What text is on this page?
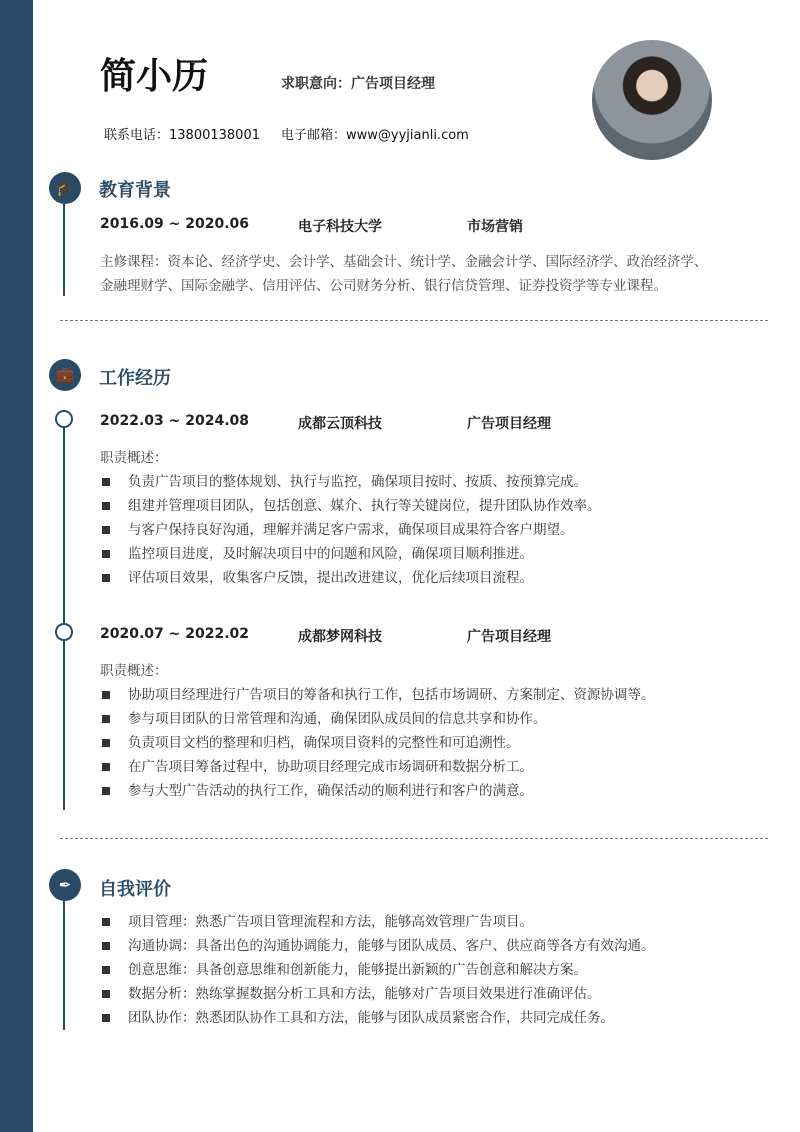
简小历	求职意向：广告项目经理
联系电话：13800138001 电子邮箱：www@yyjianli.com
🎓	教育背景
2016.09 ~ 2020.06	电子科技大学	市场营销
主修课程：资本论、经济学史、会计学、基础会计、统计学、金融会计学、国际经济学、政治经济学、
金融理财学、国际金融学、信用评估、公司财务分析、银行信贷管理、证券投资学等专业课程。
💼	工作经历
2022.03 ~ 2024.08	成都云顶科技	广告项目经理
职责概述：
负责广告项目的整体规划、执行与监控，确保项目按时、按质、按预算完成。
组建并管理项目团队，包括创意、媒介、执行等关键岗位，提升团队协作效率。
与客户保持良好沟通，理解并满足客户需求，确保项目成果符合客户期望。
监控项目进度，及时解决项目中的问题和风险，确保项目顺利推进。
评估项目效果，收集客户反馈，提出改进建议，优化后续项目流程。
2020.07 ~ 2022.02	成都梦网科技	广告项目经理
职责概述：
协助项目经理进行广告项目的筹备和执行工作，包括市场调研、方案制定、资源协调等。
参与项目团队的日常管理和沟通，确保团队成员间的信息共享和协作。
负责项目文档的整理和归档，确保项目资料的完整性和可追溯性。
在广告项目筹备过程中，协助项目经理完成市场调研和数据分析工。
参与大型广告活动的执行工作，确保活动的顺利进行和客户的满意。
✒	自我评价
项目管理：熟悉广告项目管理流程和方法，能够高效管理广告项目。
沟通协调：具备出色的沟通协调能力，能够与团队成员、客户、供应商等各方有效沟通。
创意思维：具备创意思维和创新能力，能够提出新颖的广告创意和解决方案。
数据分析：熟练掌握数据分析工具和方法，能够对广告项目效果进行准确评估。
团队协作：熟悉团队协作工具和方法，能够与团队成员紧密合作，共同完成任务。
